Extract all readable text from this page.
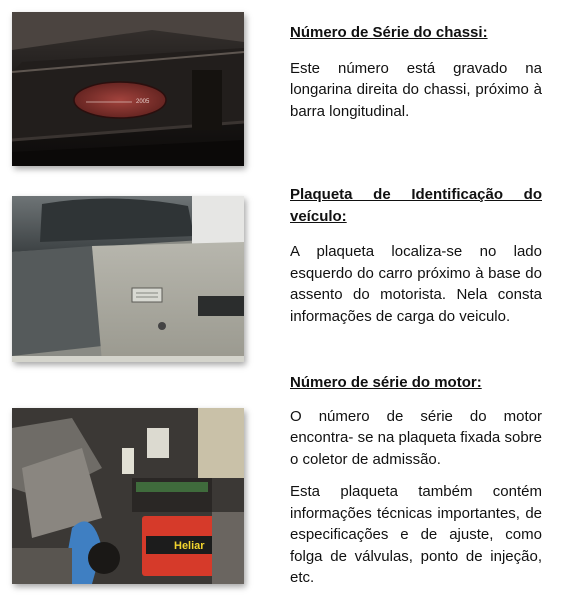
2005
Heliar

Número de Série do chassi:

Este número está gravado na longarina direita do chassi, próximo à barra longitudinal.

Plaqueta de Identificação do veículo:

A plaqueta localiza-se no lado esquerdo do carro próximo à base do assento do motorista. Nela consta informações de carga do veiculo.

Número de série do motor:

O número de série do motor encontra- se na plaqueta fixada sobre o coletor de admissão.

Esta plaqueta também contém informações técnicas importantes, de especificações e de ajuste, como folga de válvulas, ponto de injeção, etc.
